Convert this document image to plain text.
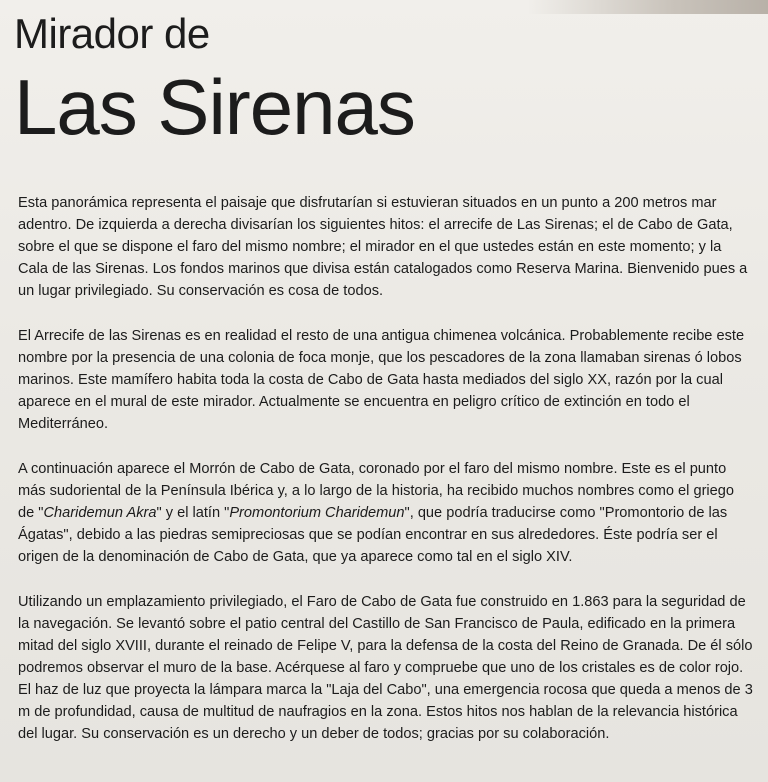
Mirador de
Las Sirenas

Esta panorámica representa el paisaje que disfrutarían si estuvieran situados en un punto a 200 metros mar adentro. De izquierda a derecha divisarían los siguientes hitos: el arrecife de Las Sirenas; el de Cabo de Gata, sobre el que se dispone el faro del mismo nombre; el mirador en el que ustedes están en este momento; y la Cala de las Sirenas. Los fondos marinos que divisa están catalogados como Reserva Marina. Bienvenido pues a un lugar privilegiado. Su conservación es cosa de todos.

El Arrecife de las Sirenas es en realidad el resto de una antigua chimenea volcánica. Probablemente recibe este nombre por la presencia de una colonia de foca monje, que los pescadores de la zona llamaban sirenas ó lobos marinos. Este mamífero habita toda la costa de Cabo de Gata hasta mediados del siglo XX, razón por la cual aparece en el mural de este mirador. Actualmente se encuentra en peligro crítico de extinción en todo el Mediterráneo.

A continuación aparece el Morrón de Cabo de Gata, coronado por el faro del mismo nombre. Este es el punto más sudoriental de la Península Ibérica y, a lo largo de la historia, ha recibido muchos nombres como el griego de "Charidemun Akra" y el latín "Promontorium Charidemun", que podría traducirse como "Promontorio de las Ágatas", debido a las piedras semipreciosas que se podían encontrar en sus alrededores. Éste podría ser el origen de la denominación de Cabo de Gata, que ya aparece como tal en el siglo XIV.

Utilizando un emplazamiento privilegiado, el Faro de Cabo de Gata fue construido en 1.863 para la seguridad de la navegación. Se levantó sobre el patio central del Castillo de San Francisco de Paula, edificado en la primera mitad del siglo XVIII, durante el reinado de Felipe V, para la defensa de la costa del Reino de Granada. De él sólo podremos observar el muro de la base. Acérquese al faro y compruebe que uno de los cristales es de color rojo. El haz de luz que proyecta la lámpara marca la "Laja del Cabo", una emergencia rocosa que queda a menos de 3 m de profundidad, causa de multitud de naufragios en la zona. Estos hitos nos hablan de la relevancia histórica del lugar. Su conservación es un derecho y un deber de todos; gracias por su colaboración.
